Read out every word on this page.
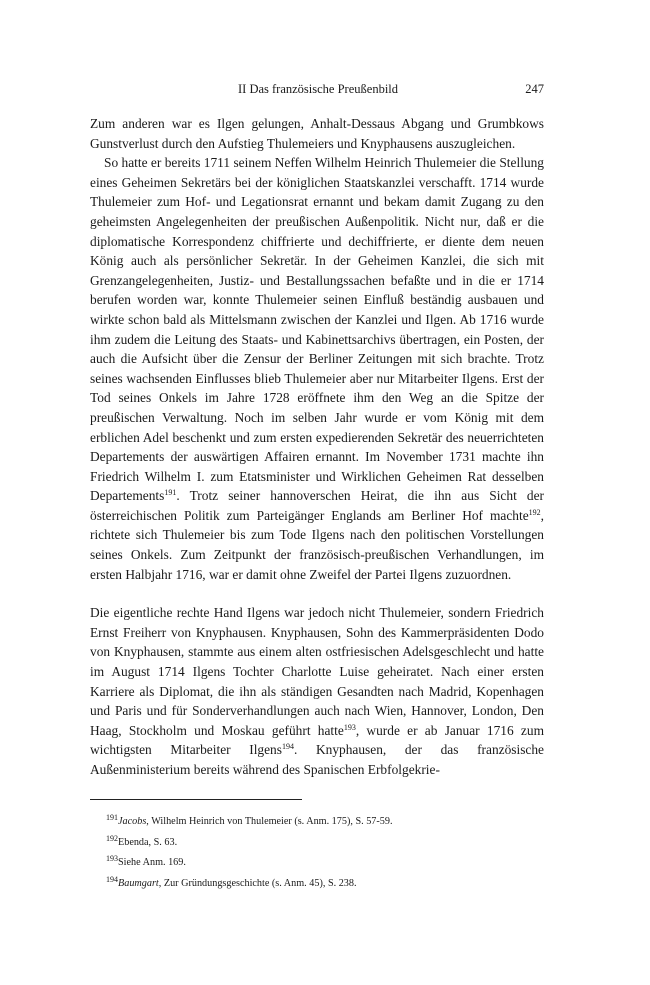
II Das französische Preußenbild	247

Zum anderen war es Ilgen gelungen, Anhalt-Dessaus Abgang und Grumbkows Gunstverlust durch den Aufstieg Thulemeiers und Knyphausens auszugleichen.

So hatte er bereits 1711 seinem Neffen Wilhelm Heinrich Thulemeier die Stellung eines Geheimen Sekretärs bei der königlichen Staatskanzlei verschafft. 1714 wurde Thulemeier zum Hof- und Legationsrat ernannt und bekam damit Zugang zu den geheimsten Angelegenheiten der preußischen Außenpolitik. Nicht nur, daß er die diplomatische Korrespondenz chiffrierte und dechiffrierte, er diente dem neuen König auch als persönlicher Sekretär. In der Geheimen Kanzlei, die sich mit Grenzangelegenheiten, Justiz- und Bestallungssachen befaßte und in die er 1714 berufen worden war, konnte Thulemeier seinen Einfluß beständig ausbauen und wirkte schon bald als Mittelsmann zwischen der Kanzlei und Ilgen. Ab 1716 wurde ihm zudem die Leitung des Staats- und Kabinettsarchivs übertragen, ein Posten, der auch die Aufsicht über die Zensur der Berliner Zeitungen mit sich brachte. Trotz seines wachsenden Einflusses blieb Thulemeier aber nur Mitarbeiter Ilgens. Erst der Tod seines Onkels im Jahre 1728 eröffnete ihm den Weg an die Spitze der preußischen Verwaltung. Noch im selben Jahr wurde er vom König mit dem erblichen Adel beschenkt und zum ersten expedierenden Sekretär des neuerrichteten Departements der auswärtigen Affairen ernannt. Im November 1731 machte ihn Friedrich Wilhelm I. zum Etatsminister und Wirklichen Geheimen Rat desselben Departements$^{191}$. Trotz seiner hannoverschen Heirat, die ihn aus Sicht der österreichischen Politik zum Parteigänger Englands am Berliner Hof machte$^{192}$, richtete sich Thulemeier bis zum Tode Ilgens nach den politischen Vorstellungen seines Onkels. Zum Zeitpunkt der französisch-preußischen Verhandlungen, im ersten Halbjahr 1716, war er damit ohne Zweifel der Partei Ilgens zuzuordnen.

Die eigentliche rechte Hand Ilgens war jedoch nicht Thulemeier, sondern Friedrich Ernst Freiherr von Knyphausen. Knyphausen, Sohn des Kammerpräsidenten Dodo von Knyphausen, stammte aus einem alten ostfriesischen Adelsgeschlecht und hatte im August 1714 Ilgens Tochter Charlotte Luise geheiratet. Nach einer ersten Karriere als Diplomat, die ihn als ständigen Gesandten nach Madrid, Kopenhagen und Paris und für Sonderverhandlungen auch nach Wien, Hannover, London, Den Haag, Stockholm und Moskau geführt hatte$^{193}$, wurde er ab Januar 1716 zum wichtigsten Mitarbeiter Ilgens$^{194}$. Knyphausen, der das französische Außenministerium bereits während des Spanischen Erbfolgekrie-

$^{191}$Jacobs, Wilhelm Heinrich von Thulemeier (s. Anm. 175), S. 57-59.
$^{192}$Ebenda, S. 63.
$^{193}$Siehe Anm. 169.
$^{194}$Baumgart, Zur Gründungsgeschichte (s. Anm. 45), S. 238.
